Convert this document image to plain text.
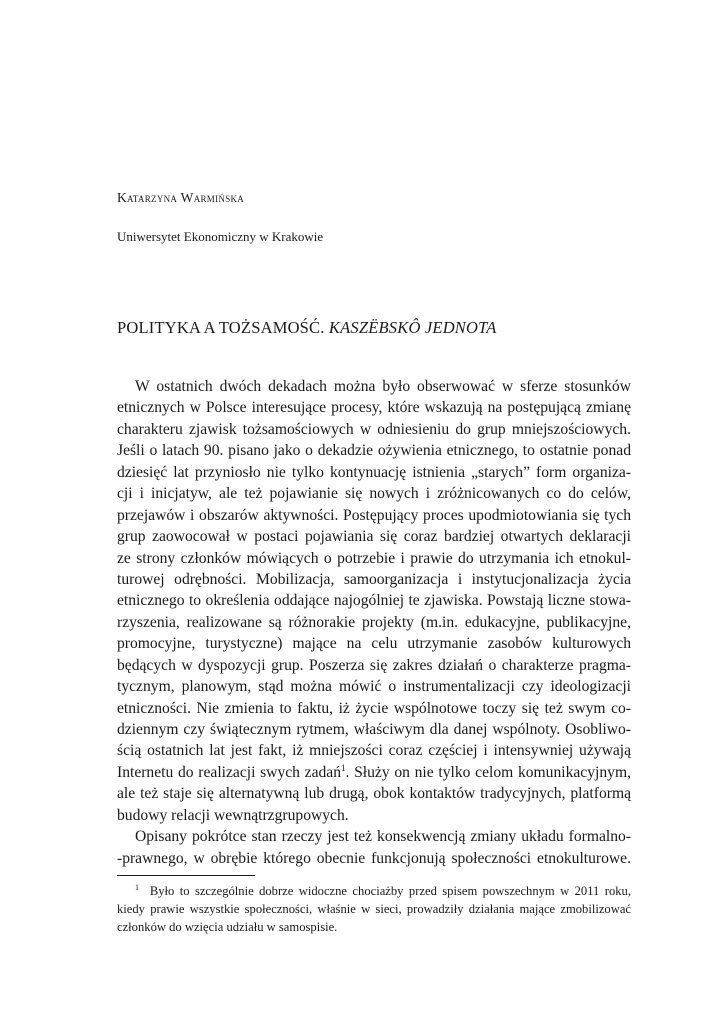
Katarzyna Warmińska

Uniwersytet Ekonomiczny w Krakowie

POLITYKA A TOŻSAMOŚĆ. KASZËBSKÔ JEDNOTA
W ostatnich dwóch dekadach można było obserwować w sferze stosunków
etnicznych w Polsce interesujące procesy, które wskazują na postępującą zmianę
charakteru zjawisk tożsamościowych w odniesieniu do grup mniejszościowych.
Jeśli o latach 90. pisano jako o dekadzie ożywienia etnicznego, to ostatnie ponad
dziesięć lat przyniosło nie tylko kontynuację istnienia „starych” form organiza-
cji i inicjatyw, ale też pojawianie się nowych i zróżnicowanych co do celów,
przejawów i obszarów aktywności. Postępujący proces upodmiotowiania się tych
grup zaowocował w postaci pojawiania się coraz bardziej otwartych deklaracji
ze strony członków mówiących o potrzebie i prawie do utrzymania ich etnokul-
turowej odrębności. Mobilizacja, samoorganizacja i instytucjonalizacja życia
etnicznego to określenia oddające najogólniej te zjawiska. Powstają liczne stowa-
rzyszenia, realizowane są różnorakie projekty (m.in. edukacyjne, publikacyjne,
promocyjne, turystyczne) mające na celu utrzymanie zasobów kulturowych
będących w dyspozycji grup. Poszerza się zakres działań o charakterze pragma-
tycznym, planowym, stąd można mówić o instrumentalizacji czy ideologizacji
etniczności. Nie zmienia to faktu, iż życie wspólnotowe toczy się też swym co-
dziennym czy świątecznym rytmem, właściwym dla danej wspólnoty. Osobliwo-
ścią ostatnich lat jest fakt, iż mniejszości coraz częściej i intensywniej używają
Internetu do realizacji swych zadań$^1$. Służy on nie tylko celom komunikacyjnym,
ale też staje się alternatywną lub drugą, obok kontaktów tradycyjnych, platformą
budowy relacji wewnątrzgrupowych.
Opisany pokrótce stan rzeczy jest też konsekwencją zmiany układu formalno-
-prawnego, w obrębie którego obecnie funkcjonują społeczności etnokulturowe.
$^1$ Było to szczególnie dobrze widoczne chociażby przed spisem powszechnym w 2011 roku,
kiedy prawie wszystkie społeczności, właśnie w sieci, prowadziły działania mające zmobilizować
członków do wzięcia udziału w samospisie.
